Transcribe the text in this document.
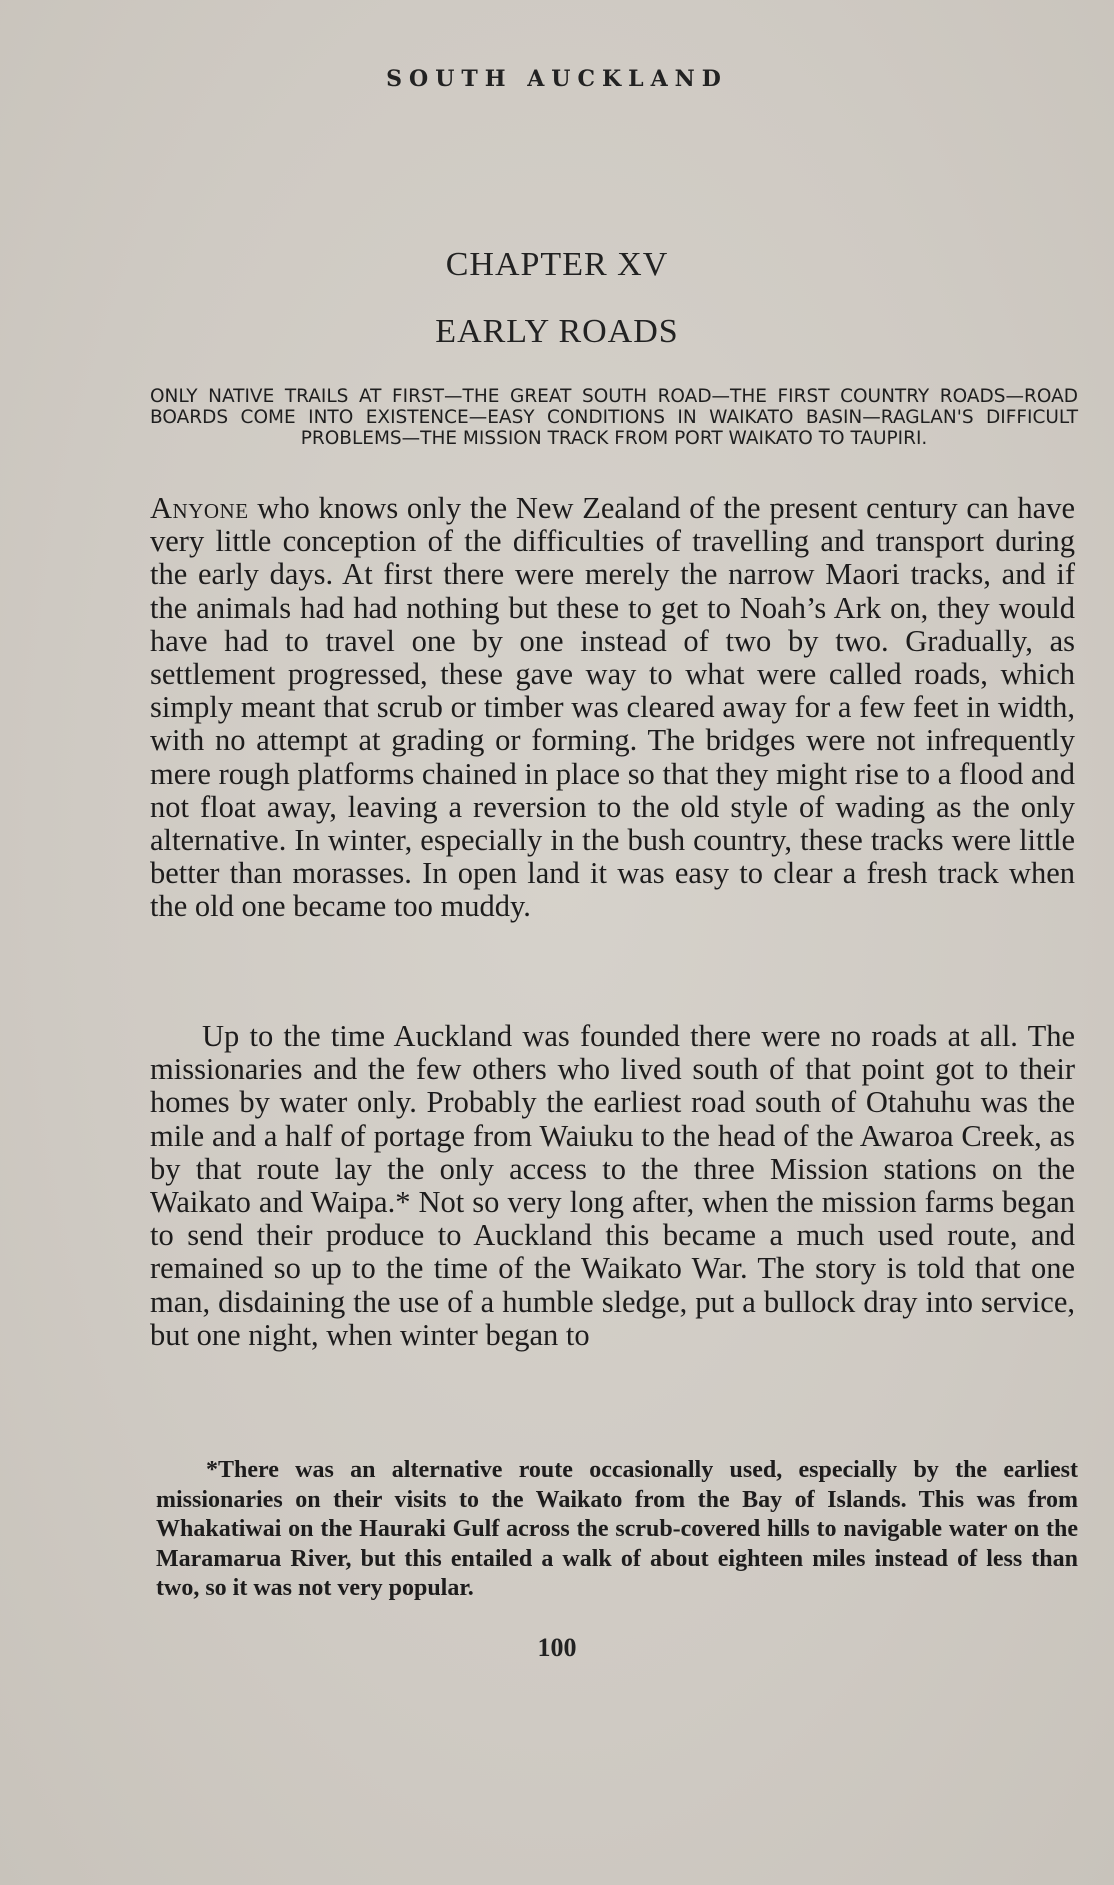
SOUTH AUCKLAND
CHAPTER XV
EARLY ROADS
ONLY NATIVE TRAILS AT FIRST—THE GREAT SOUTH ROAD—THE FIRST COUNTRY ROADS—ROAD BOARDS COME INTO EXISTENCE—EASY CONDITIONS IN WAIKATO BASIN—RAGLAN'S DIFFICULT PROBLEMS—THE MISSION TRACK FROM PORT WAIKATO TO TAUPIRI.

Anyone who knows only the New Zealand of the present century can have very little conception of the difficulties of travelling and transport during the early days. At first there were merely the narrow Maori tracks, and if the animals had had nothing but these to get to Noah’s Ark on, they would have had to travel one by one instead of two by two. Gradually, as settlement progressed, these gave way to what were called roads, which simply meant that scrub or timber was cleared away for a few feet in width, with no attempt at grading or forming. The bridges were not infrequently mere rough platforms chained in place so that they might rise to a flood and not float away, leaving a reversion to the old style of wading as the only alternative. In winter, especially in the bush country, these tracks were little better than morasses. In open land it was easy to clear a fresh track when the old one became too muddy.

Up to the time Auckland was founded there were no roads at all. The missionaries and the few others who lived south of that point got to their homes by water only. Probably the earliest road south of Otahuhu was the mile and a half of portage from Waiuku to the head of the Awaroa Creek, as by that route lay the only access to the three Mission stations on the Waikato and Waipa.* Not so very long after, when the mission farms began to send their produce to Auckland this became a much used route, and remained so up to the time of the Waikato War. The story is told that one man, disdaining the use of a humble sledge, put a bullock dray into service, but one night, when winter began to

*There was an alternative route occasionally used, especially by the earliest missionaries on their visits to the Waikato from the Bay of Islands. This was from Whakatiwai on the Hauraki Gulf across the scrub-covered hills to navigable water on the Maramarua River, but this entailed a walk of about eighteen miles instead of less than two, so it was not very popular.

100
